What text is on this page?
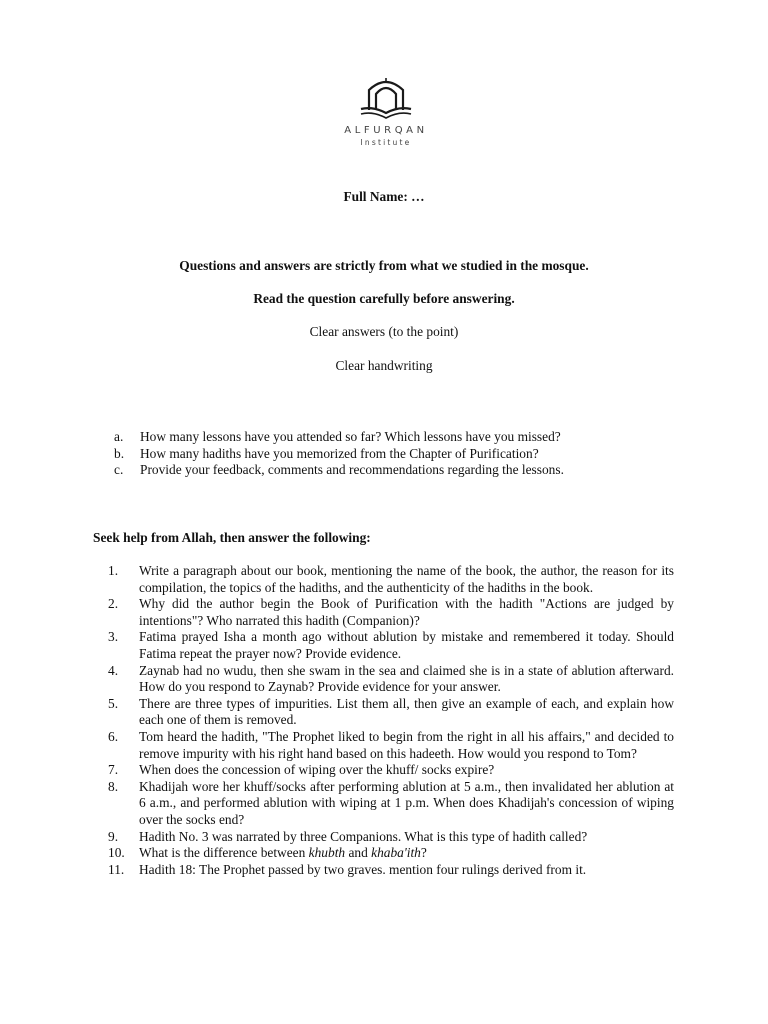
ALFURQAN
Institute
Full Name: …
Questions and answers are strictly from what we studied in the mosque.
Read the question carefully before answering.
Clear answers (to the point)
Clear handwriting
a.	How many lessons have you attended so far? Which lessons have you missed?
b.	How many hadiths have you memorized from the Chapter of Purification?
c.	Provide your feedback, comments and recommendations regarding the lessons.
Seek help from Allah, then answer the following:
1.	Write a paragraph about our book, mentioning the name of the book, the author, the reason for its compilation, the topics of the hadiths, and the authenticity of the hadiths in the book.
2.	Why did the author begin the Book of Purification with the hadith "Actions are judged by intentions"? Who narrated this hadith (Companion)?
3.	Fatima prayed Isha a month ago without ablution by mistake and remembered it today. Should Fatima repeat the prayer now? Provide evidence.
4.	Zaynab had no wudu, then she swam in the sea and claimed she is in a state of ablution afterward. How do you respond to Zaynab? Provide evidence for your answer.
5.	There are three types of impurities. List them all, then give an example of each, and explain how each one of them is removed.
6.	Tom heard the hadith, "The Prophet liked to begin from the right in all his affairs," and decided to remove impurity with his right hand based on this hadeeth. How would you respond to Tom?
7.	When does the concession of wiping over the khuff/ socks expire?
8.	Khadijah wore her khuff/socks after performing ablution at 5 a.m., then invalidated her ablution at 6 a.m., and performed ablution with wiping at 1 p.m. When does Khadijah's concession of wiping over the socks end?
9.	Hadith No. 3 was narrated by three Companions. What is this type of hadith called?
10.	What is the difference between khubth and khaba'ith?
11.	Hadith 18: The Prophet passed by two graves. mention four rulings derived from it.
